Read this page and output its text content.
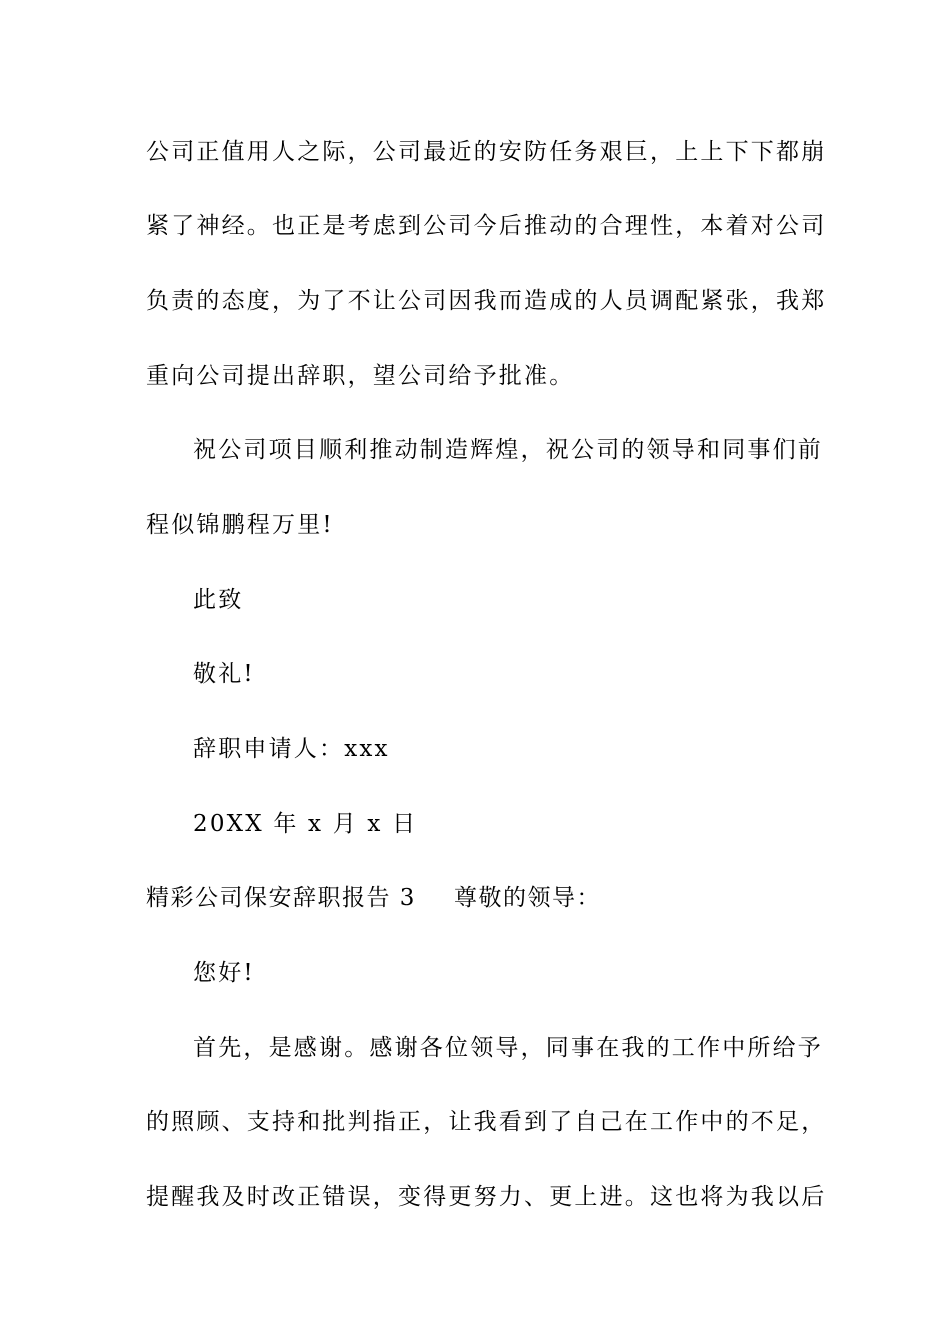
公司正值用人之际，公司最近的安防任务艰巨，上上下下都崩
紧了神经。也正是考虑到公司今后推动的合理性，本着对公司
负责的态度，为了不让公司因我而造成的人员调配紧张，我郑
重向公司提出辞职，望公司给予批准。
祝公司项目顺利推动制造辉煌，祝公司的领导和同事们前
程似锦鹏程万里!
此致
敬礼!
辞职申请人：xxx
20XX 年 x 月 x 日
精彩公司保安辞职报告 3 尊敬的领导：
您好!
首先，是感谢。感谢各位领导，同事在我的工作中所给予
的照顾、支持和批判指正，让我看到了自己在工作中的不足，
提醒我及时改正错误，变得更努力、更上进。这也将为我以后
